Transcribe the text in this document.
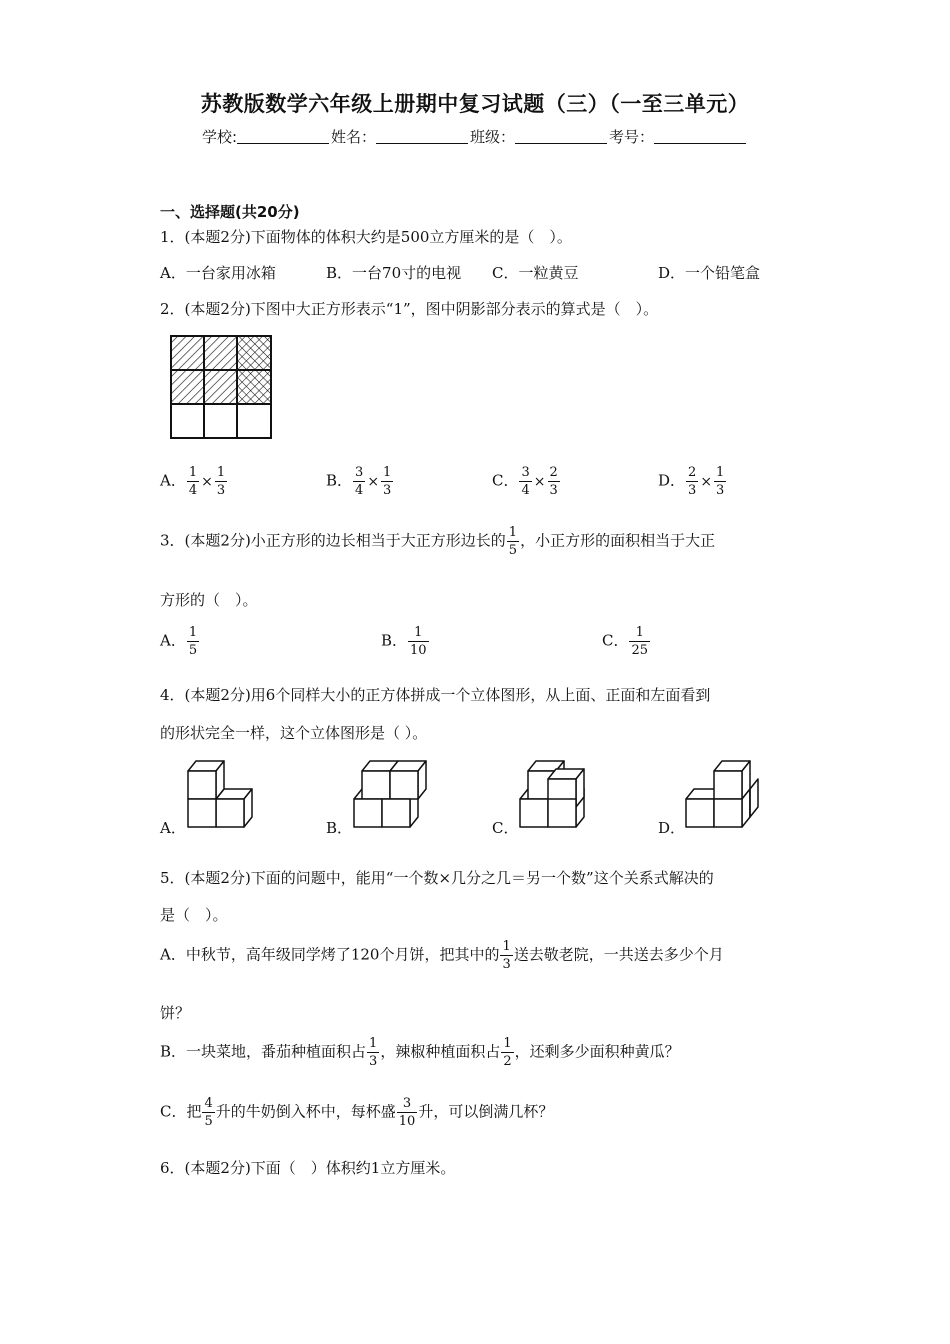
苏教版数学六年级上册期中复习试题（三）（一至三单元）
学校:	姓名：	班级：	考号：
一、选择题(共20分)
1．(本题2分)下面物体的体积大约是500立方厘米的是（　）。
A．一台家用冰箱	B．一台70寸的电视 C．一粒黄豆	D．一个铅笔盒
2．(本题2分)下图中大正方形表示“1”，图中阴影部分表示的算式是（　）。
A． $\frac{1}{4} \times \frac{1}{3}$	B． $\frac{3}{4} \times \frac{1}{3}$	C． $\frac{3}{4} \times \frac{2}{3}$	D． $\frac{2}{3} \times \frac{1}{3}$
3．(本题2分)小正方形的边长相当于大正方形边长的 $\frac{1}{5}$ ，小正方形的面积相当于大正
方形的（　）。
A． $\frac{1}{5}$	B． $\frac{1}{10}$	C． $\frac{1}{25}$
4．(本题2分)用6个同样大小的正方体拼成一个立体图形，从上面、正面和左面看到
的形状完全一样，这个立体图形是（ ）。
A．	B．	C．	D．
5．(本题2分)下面的问题中，能用“一个数×几分之几＝另一个数”这个关系式解决的
是（　）。
A．中秋节，高年级同学烤了120个月饼，把其中的 $\frac{1}{3}$ 送去敬老院，一共送去多少个月
饼？
B．一块菜地，番茄种植面积占 $\frac{1}{3}$ ，辣椒种植面积占 $\frac{1}{2}$ ，还剩多少面积种黄瓜？
C．把 $\frac{4}{5}$ 升的牛奶倒入杯中，每杯盛 $\frac{3}{10}$ 升，可以倒满几杯？
6．(本题2分)下面（　）体积约1立方厘米。
